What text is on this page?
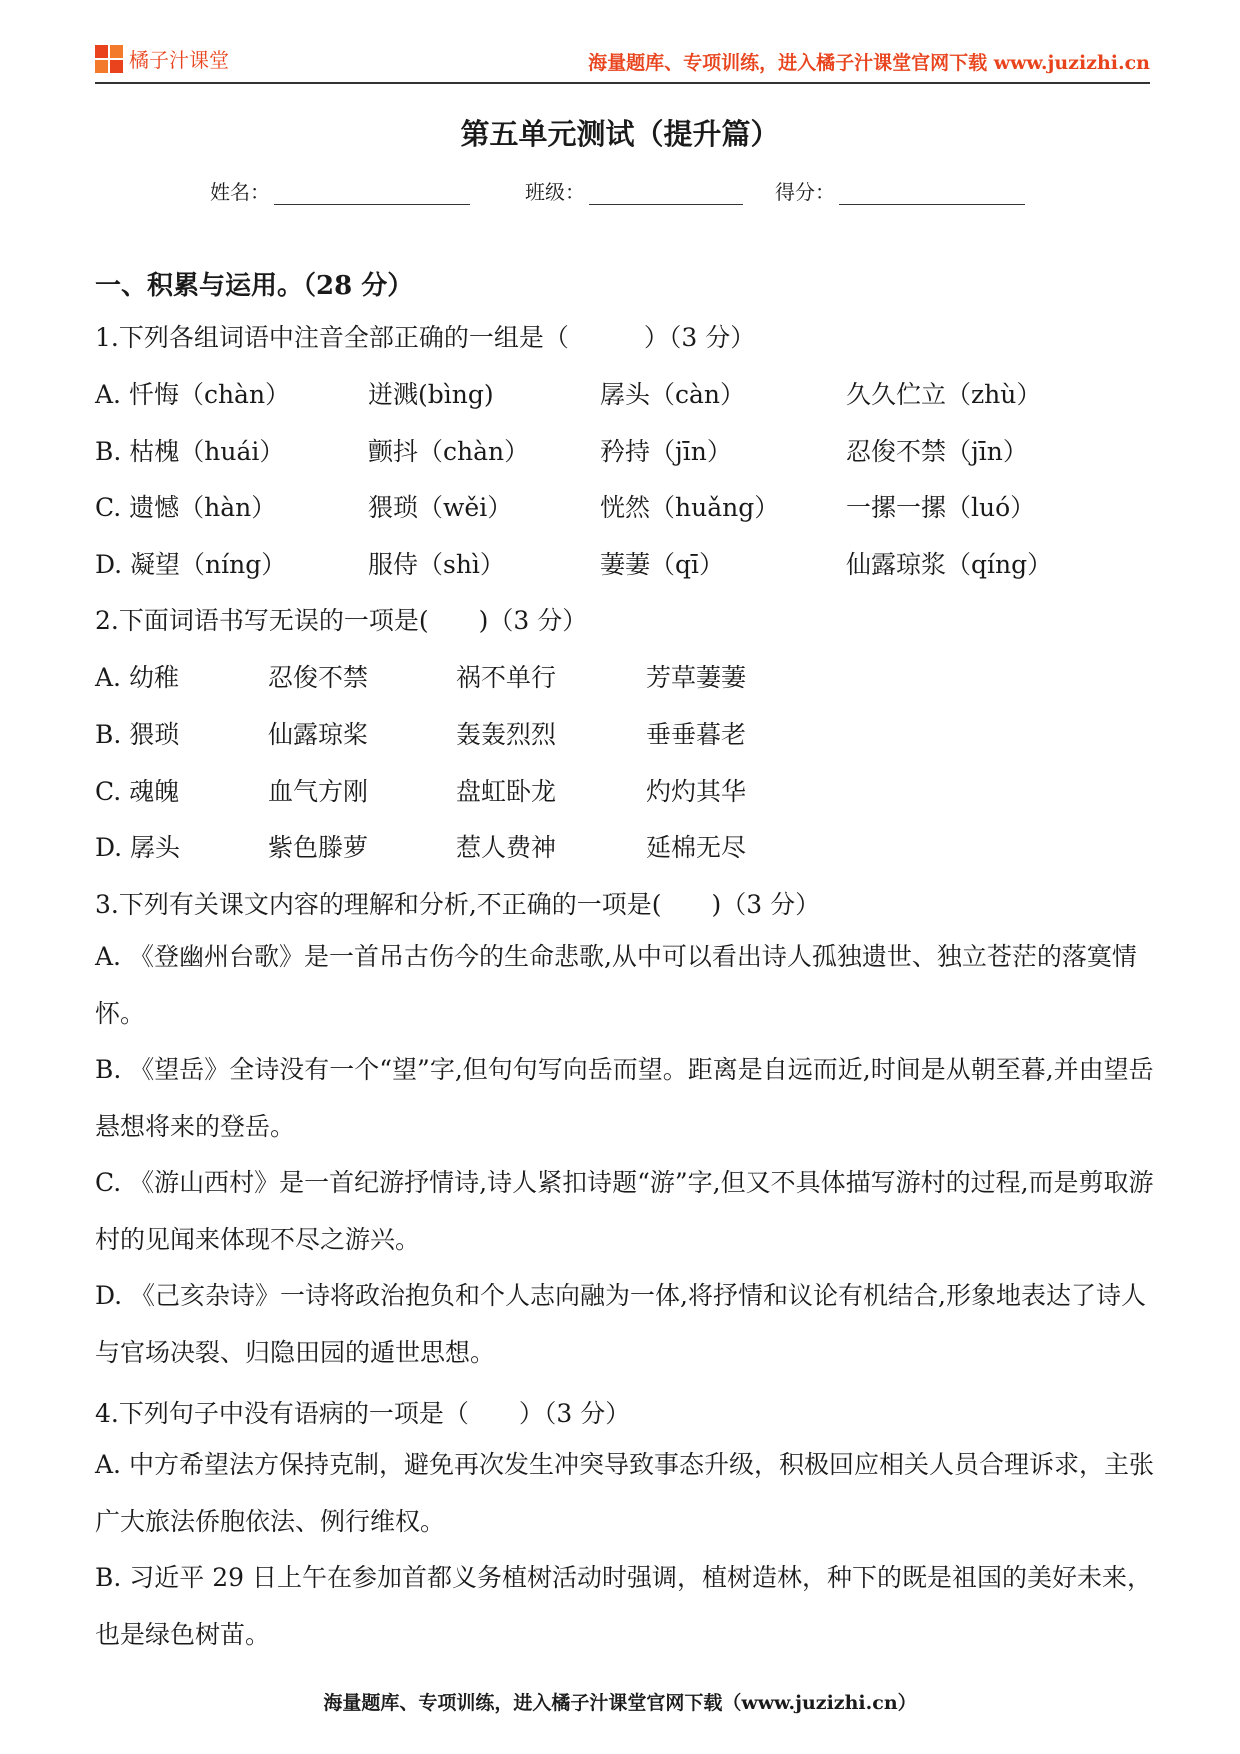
橘子汁课堂	海量题库、专项训练，进入橘子汁课堂官网下载 www.juzizhi.cn
第五单元测试（提升篇）
姓名：	班级：	得分：
一、积累与运用。（28 分）
1.下列各组词语中注音全部正确的一组是（　　　）（3 分）
A. 忏悔（chàn）	迸溅(bìng)	孱头（càn）	久久伫立（zhù）
B. 枯槐（huái）	颤抖（chàn）	矜持（jīn）	忍俊不禁（jīn）
C. 遗憾（hàn）	猥琐（wěi）	恍然（huǎng）	一摞一摞（luó）
D. 凝望（níng）	服侍（shì）	萋萋（qī）	仙露琼浆（qíng）
2.下面词语书写无误的一项是(　　)（3 分）
A. 幼稚	忍俊不禁	祸不单行	芳草萋萋
B. 猥琐	仙露琼桨	轰轰烈烈	垂垂暮老
C. 魂魄	血气方刚	盘虹卧龙	灼灼其华
D. 孱头	紫色滕萝	惹人费神	延棉无尽
3.下列有关课文内容的理解和分析,不正确的一项是(　　)（3 分）
A. 《登幽州台歌》是一首吊古伤今的生命悲歌,从中可以看出诗人孤独遗世、独立苍茫的落寞情怀。
B. 《望岳》全诗没有一个“望”字,但句句写向岳而望。距离是自远而近,时间是从朝至暮,并由望岳悬想将来的登岳。
C. 《游山西村》是一首纪游抒情诗,诗人紧扣诗题“游”字,但又不具体描写游村的过程,而是剪取游村的见闻来体现不尽之游兴。
D. 《己亥杂诗》一诗将政治抱负和个人志向融为一体,将抒情和议论有机结合,形象地表达了诗人与官场决裂、归隐田园的遁世思想。
4.下列句子中没有语病的一项是（　　）（3 分）
A. 中方希望法方保持克制，避免再次发生冲突导致事态升级，积极回应相关人员合理诉求，主张广大旅法侨胞依法、例行维权。
B. 习近平 29 日上午在参加首都义务植树活动时强调，植树造林，种下的既是祖国的美好未来，也是绿色树苗。
海量题库、专项训练，进入橘子汁课堂官网下载（www.juzizhi.cn）
